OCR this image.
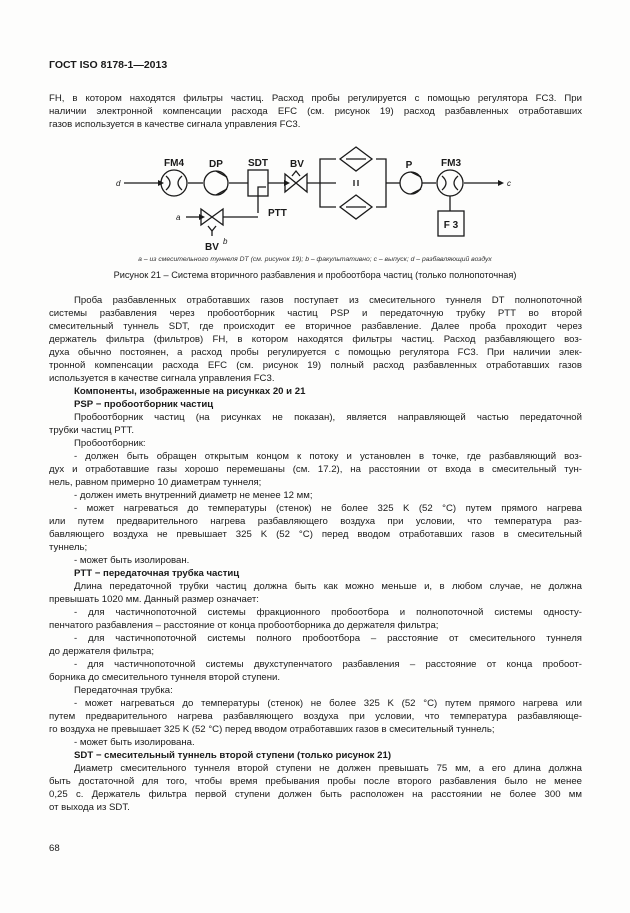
ГОСТ ISO 8178-1—2013
FH, в котором находятся фильтры частиц. Расход пробы регулируется с помощью регулятора FC3. При
наличии электронной компенсации расхода EFC (см. рисунок 19) расход разбавленных отработавших
газов используется в качестве сигнала управления FC3.
FM4	DP	SDT BV	P	FM3
PTT
BV
F 3
b
d
a
c
a – из смесительного туннеля DT (см. рисунок 19); b – факультативно; c – выпуск; d – разбавляющий воздух
Рисунок 21 – Система вторичного разбавления и пробоотбора частиц (только полнопоточная)
Проба разбавленных отработавших газов поступает из смесительного туннеля DT полнопоточной
системы разбавления через пробоотборник частиц PSP и передаточную трубку PTT во второй
смесительный туннель SDT, где происходит ее вторичное разбавление. Далее проба проходит через
держатель фильтра (фильтров) FH, в котором находятся фильтры частиц. Расход разбавляющего воз-
духа обычно постоянен, а расход пробы регулируется с помощью регулятора FC3. При наличии элек-
тронной компенсации расхода EFC (см. рисунок 19) полный расход разбавленных отработавших газов
используется в качестве сигнала управления FC3.
Компоненты, изображенные на рисунках 20 и 21
PSP − пробоотборник частиц
Пробоотборник частиц (на рисунках не показан), является направляющей частью передаточной
трубки частиц PTT.
Пробоотборник:
- должен быть обращен открытым концом к потоку и установлен в точке, где разбавляющий воз-
дух и отработавшие газы хорошо перемешаны (см. 17.2), на расстоянии от входа в смесительный тун-
нель, равном примерно 10 диаметрам туннеля;
- должен иметь внутренний диаметр не менее 12 мм;
- может нагреваться до температуры (стенок) не более 325 K (52 °C) путем прямого нагрева
или путем предварительного нагрева разбавляющего воздуха при условии, что температура раз-
бавляющего воздуха не превышает 325 K (52 °C) перед вводом отработавших газов в смесительный
туннель;
- может быть изолирован.
PTT − передаточная трубка частиц
Длина передаточной трубки частиц должна быть как можно меньше и, в любом случае, не должна
превышать 1020 мм. Данный размер означает:
- для частичнопоточной системы фракционного пробоотбора и полнопоточной системы односту-
пенчатого разбавления – расстояние от конца пробоотборника до держателя фильтра;
- для частичнопоточной системы полного пробоотбора – расстояние от смесительного туннеля
до держателя фильтра;
- для частичнопоточной системы двухступенчатого разбавления – расстояние от конца пробоот-
борника до смесительного туннеля второй ступени.
Передаточная трубка:
- может нагреваться до температуры (стенок) не более 325 K (52 °C) путем прямого нагрева или
путем предварительного нагрева разбавляющего воздуха при условии, что температура разбавляюще-
го воздуха не превышает 325 K (52 °C) перед вводом отработавших газов в смесительный туннель;
- может быть изолирована.
SDT − смесительный туннель второй ступени (только рисунок 21)
Диаметр смесительного туннеля второй ступени не должен превышать 75 мм, а его длина должна
быть достаточной для того, чтобы время пребывания пробы после второго разбавления было не менее
0,25 с. Держатель фильтра первой ступени должен быть расположен на расстоянии не более 300 мм
от выхода из SDT.
68
